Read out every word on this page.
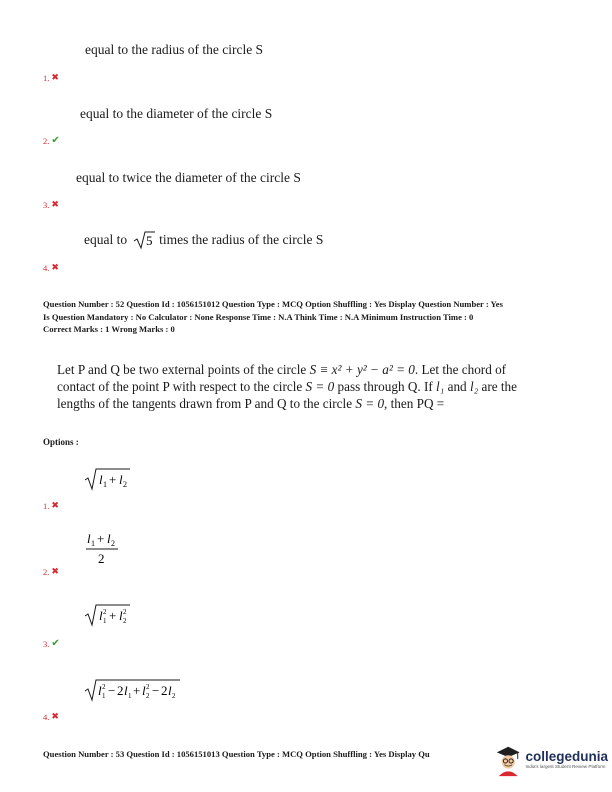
equal to the radius of the circle S
1. ✖
equal to the diameter of the circle S
2. ✔
equal to twice the diameter of the circle S
3. ✖
equal to 5 times the radius of the circle S
4. ✖
Question Number : 52 Question Id : 1056151012 Question Type : MCQ Option Shuffling : Yes Display Question Number : Yes
Is Question Mandatory : No Calculator : None Response Time : N.A Think Time : N.A Minimum Instruction Time : 0
Correct Marks : 1 Wrong Marks : 0
Let P and Q be two external points of the circle S ≡ x² + y² − a² = 0. Let the chord of
contact of the point P with respect to the circle S = 0 pass through Q. If l₁ and l₂ are the
lengths of the tangents drawn from P and Q to the circle S = 0, then PQ =
Options :
l 1 + l 2
1. ✖
l 1 + l 2
2
2. ✖
l 2
1 + l 2
2
3. ✔
l 2
1 − 2 l 1 + l 2
2 − 2 l 2
4. ✖
Question Number : 53 Question Id : 1056151013 Question Type : MCQ Option Shuffling : Yes Display Qu	collegedunia
India's largest Student Review Platform
